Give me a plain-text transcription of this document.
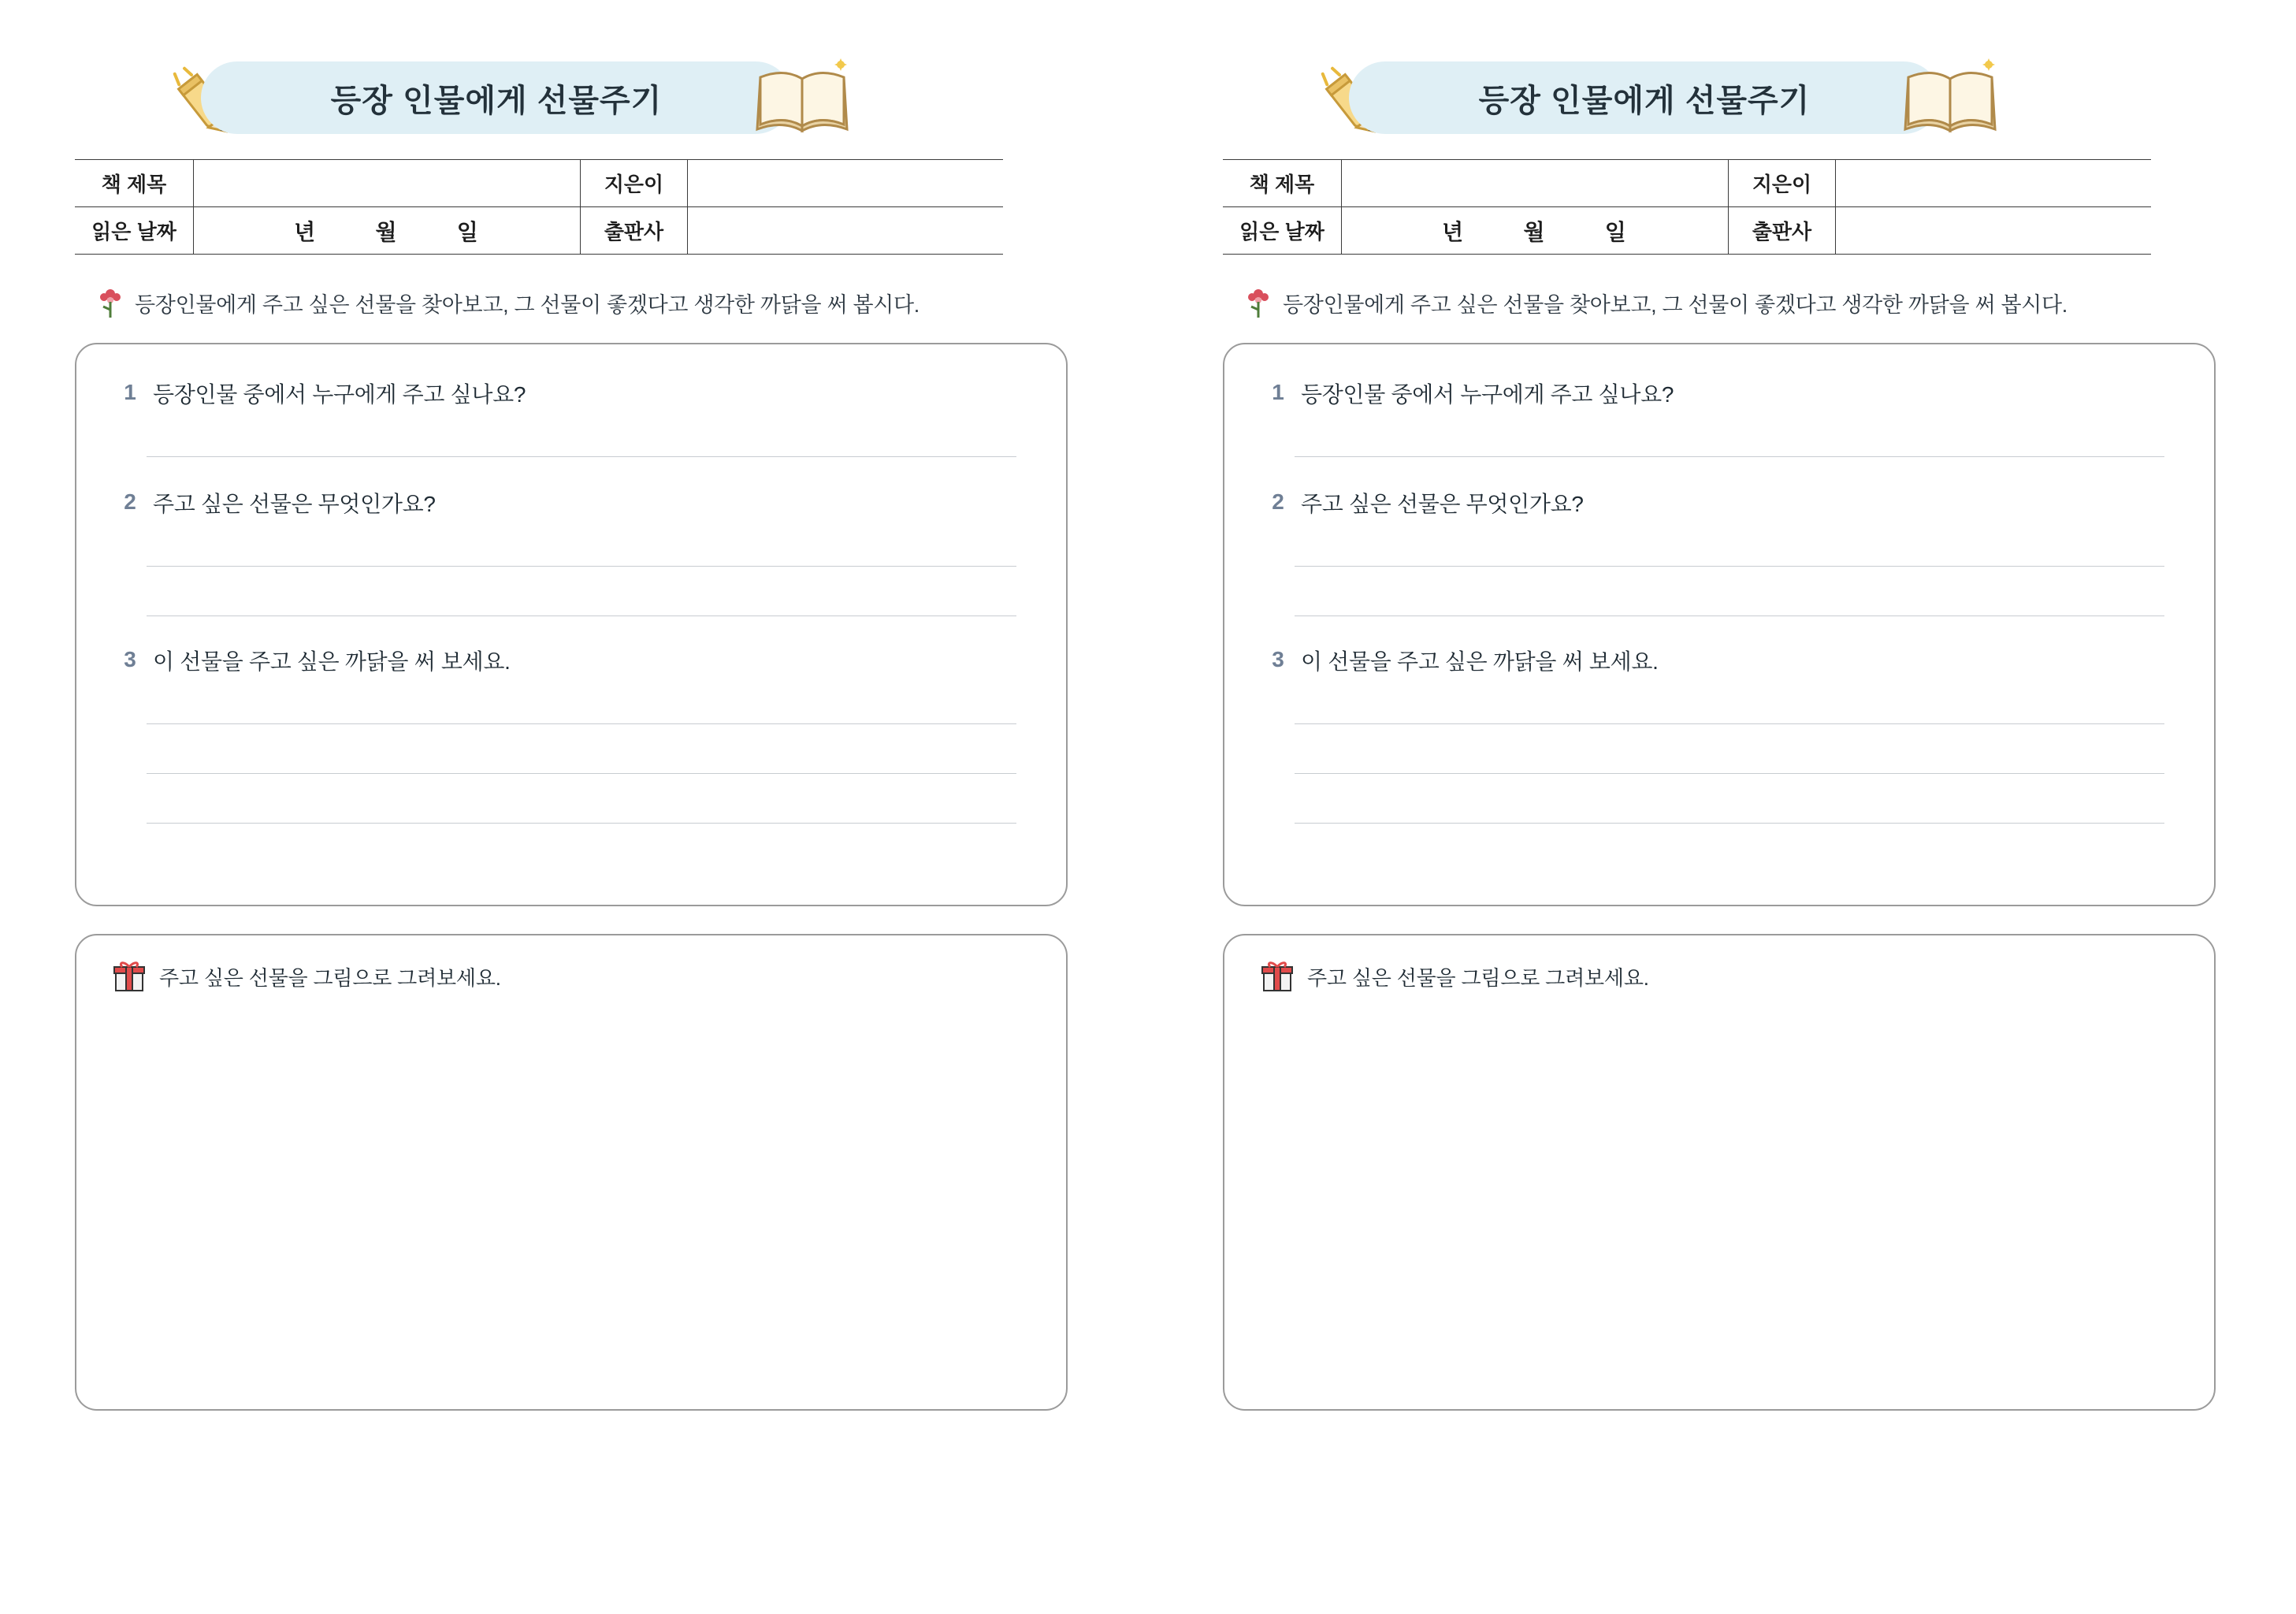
등장 인물에게 선물주기
책 제목		지은이	
읽은 날짜	년 월 일	출판사	
등장인물에게 주고 싶은 선물을 찾아보고, 그 선물이 좋겠다고 생각한 까닭을 써 봅시다.
1 등장인물 중에서 누구에게 주고 싶나요?
2 주고 싶은 선물은 무엇인가요?
3 이 선물을 주고 싶은 까닭을 써 보세요.
주고 싶은 선물을 그림으로 그려보세요.
등장 인물에게 선물주기
책 제목		지은이	
읽은 날짜	년 월 일	출판사	
등장인물에게 주고 싶은 선물을 찾아보고, 그 선물이 좋겠다고 생각한 까닭을 써 봅시다.
1 등장인물 중에서 누구에게 주고 싶나요?
2 주고 싶은 선물은 무엇인가요?
3 이 선물을 주고 싶은 까닭을 써 보세요.
주고 싶은 선물을 그림으로 그려보세요.
